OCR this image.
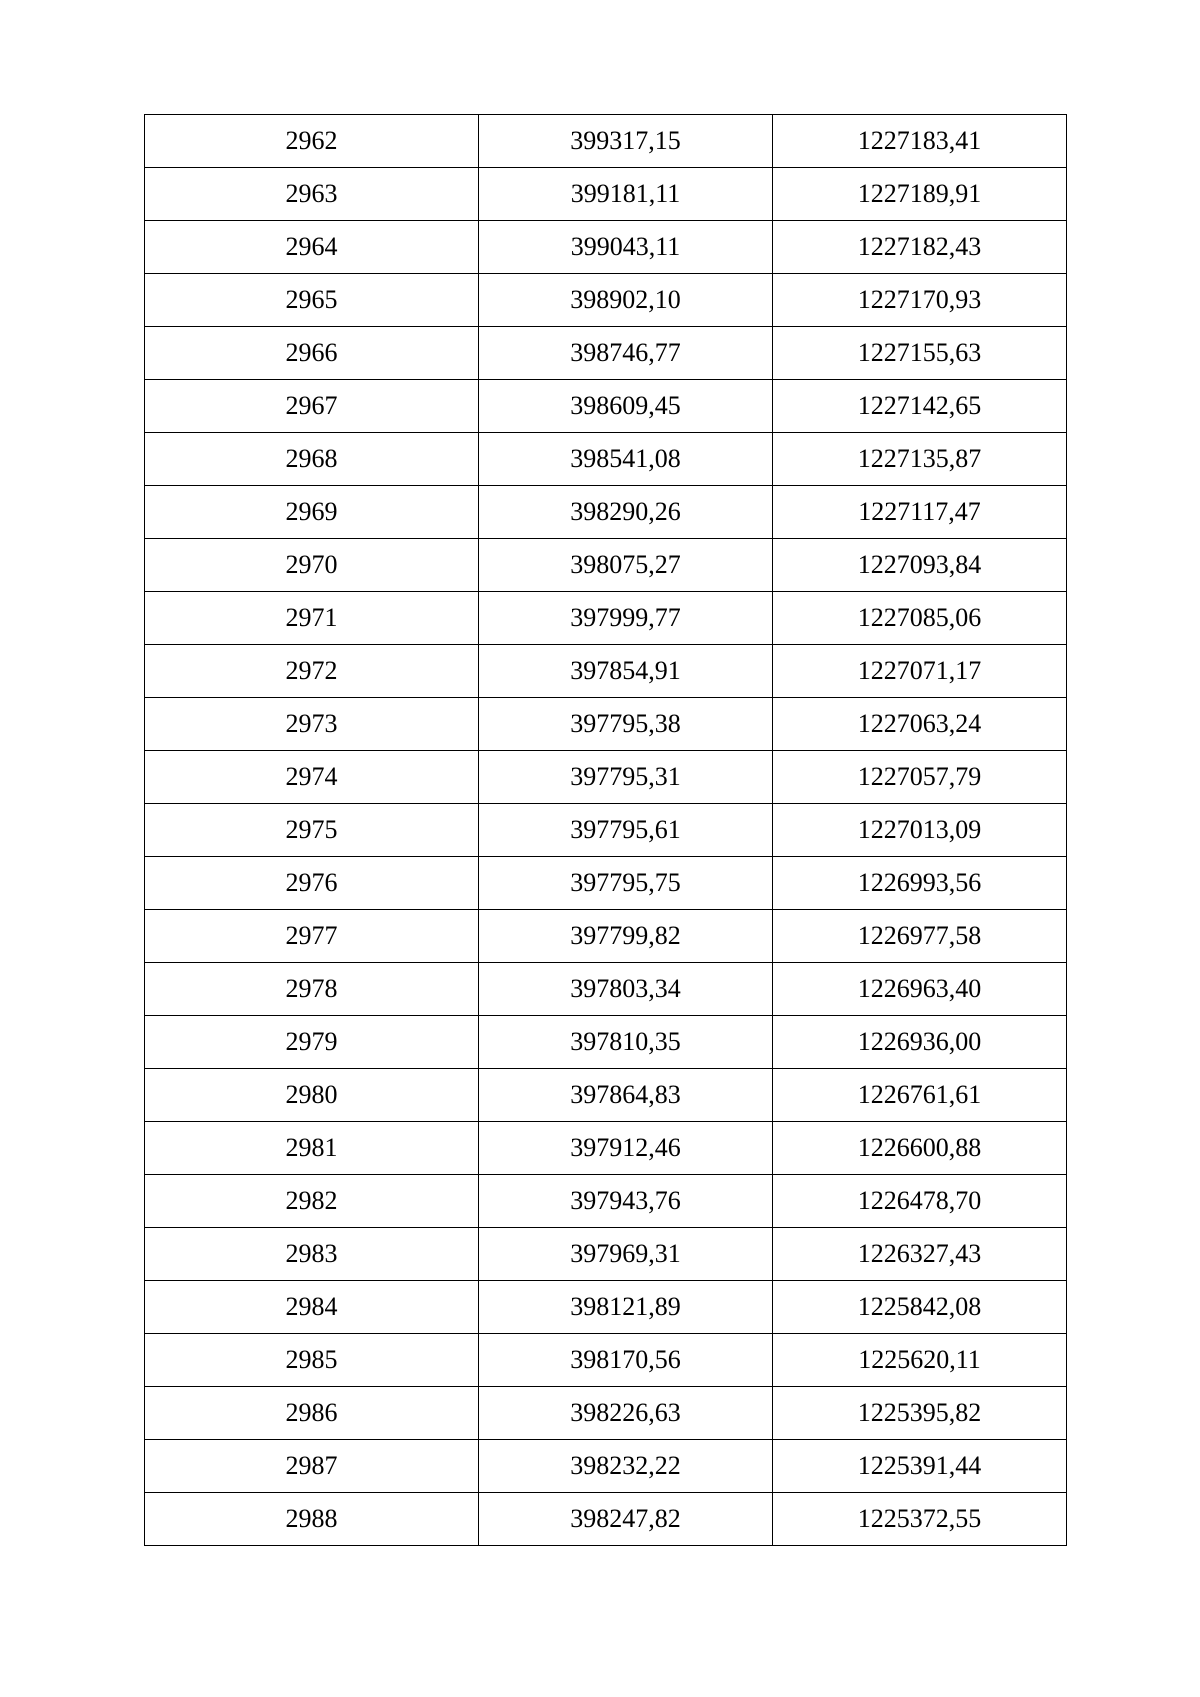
2962	399317,15	1227183,41
2963	399181,11	1227189,91
2964	399043,11	1227182,43
2965	398902,10	1227170,93
2966	398746,77	1227155,63
2967	398609,45	1227142,65
2968	398541,08	1227135,87
2969	398290,26	1227117,47
2970	398075,27	1227093,84
2971	397999,77	1227085,06
2972	397854,91	1227071,17
2973	397795,38	1227063,24
2974	397795,31	1227057,79
2975	397795,61	1227013,09
2976	397795,75	1226993,56
2977	397799,82	1226977,58
2978	397803,34	1226963,40
2979	397810,35	1226936,00
2980	397864,83	1226761,61
2981	397912,46	1226600,88
2982	397943,76	1226478,70
2983	397969,31	1226327,43
2984	398121,89	1225842,08
2985	398170,56	1225620,11
2986	398226,63	1225395,82
2987	398232,22	1225391,44
2988	398247,82	1225372,55
